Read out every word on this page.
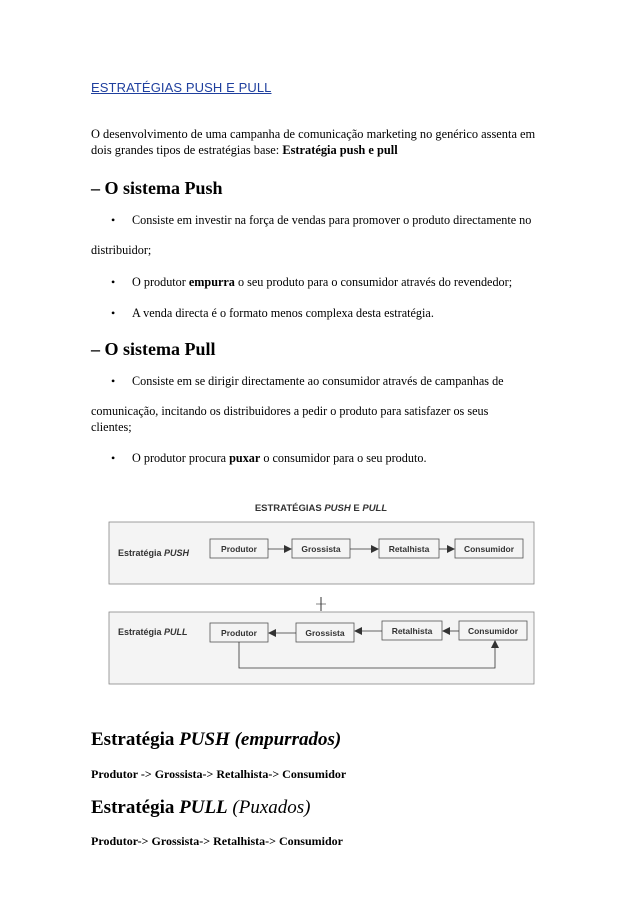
ESTRATÉGIAS PUSH E PULL
O desenvolvimento de uma campanha de comunicação marketing no genérico assenta em
dois grandes tipos de estratégias base: Estratégia push e pull
– O sistema Push
•	Consiste em investir na força de vendas para promover o produto directamente no
distribuidor;
•	O produtor empurra o seu produto para o consumidor através do revendedor;
•	A venda directa é o formato menos complexa desta estratégia.
– O sistema Pull
•	Consiste em se dirigir directamente ao consumidor através de campanhas de
comunicação, incitando os distribuidores a pedir o produto para satisfazer os seus
clientes;
•	O produtor procura puxar o consumidor para o seu produto.
ESTRATÉGIAS PUSH E PULL
Estratégia PUSH	Produtor	Grossista	Retalhista	Consumidor
Estratégia PULL	Produtor	Grossista	Retalhista	Consumidor
Estratégia PUSH (empurrados)
Produtor -> Grossista-> Retalhista-> Consumidor
Estratégia PULL (Puxados)
Produtor-> Grossista-> Retalhista-> Consumidor
